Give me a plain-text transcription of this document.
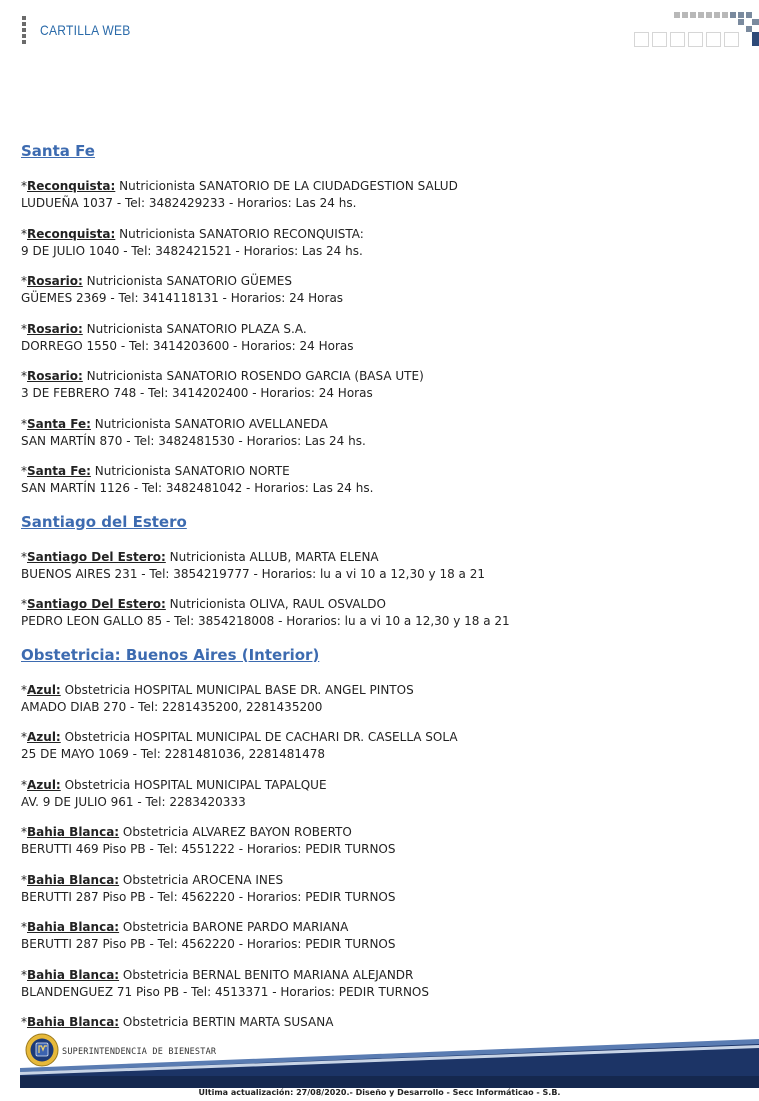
CARTILLA WEB
Santa Fe
*Reconquista: Nutricionista SANATORIO DE LA CIUDADGESTION SALUD
LUDUEÑA 1037 - Tel: 3482429233 - Horarios: Las 24 hs.
*Reconquista: Nutricionista SANATORIO RECONQUISTA:
9 DE JULIO 1040 - Tel: 3482421521 - Horarios: Las 24 hs.
*Rosario: Nutricionista SANATORIO GÜEMES
GÜEMES 2369 - Tel: 3414118131 - Horarios: 24 Horas
*Rosario: Nutricionista SANATORIO PLAZA S.A.
DORREGO 1550 - Tel: 3414203600 - Horarios: 24 Horas
*Rosario: Nutricionista SANATORIO ROSENDO GARCIA (BASA UTE)
3 DE FEBRERO 748 - Tel: 3414202400 - Horarios: 24 Horas
*Santa Fe: Nutricionista SANATORIO AVELLANEDA
SAN MARTÍN 870 - Tel: 3482481530 - Horarios: Las 24 hs.
*Santa Fe: Nutricionista SANATORIO NORTE
SAN MARTÍN 1126 - Tel: 3482481042 - Horarios: Las 24 hs.
Santiago del Estero
*Santiago Del Estero: Nutricionista ALLUB, MARTA ELENA
BUENOS AIRES 231 - Tel: 3854219777 - Horarios: lu a vi 10 a 12,30 y 18 a 21
*Santiago Del Estero: Nutricionista OLIVA, RAUL OSVALDO
PEDRO LEON GALLO 85 - Tel: 3854218008 - Horarios: lu a vi 10 a 12,30 y 18 a 21
Obstetricia: Buenos Aires (Interior)
*Azul: Obstetricia HOSPITAL MUNICIPAL BASE DR. ANGEL PINTOS
AMADO DIAB 270 - Tel: 2281435200, 2281435200
*Azul: Obstetricia HOSPITAL MUNICIPAL DE CACHARI DR. CASELLA SOLA
25 DE MAYO 1069 - Tel: 2281481036, 2281481478
*Azul: Obstetricia HOSPITAL MUNICIPAL TAPALQUE
AV. 9 DE JULIO 961 - Tel: 2283420333
*Bahia Blanca: Obstetricia ALVAREZ BAYON ROBERTO
BERUTTI 469 Piso PB - Tel: 4551222 - Horarios: PEDIR TURNOS
*Bahia Blanca: Obstetricia AROCENA INES
BERUTTI 287 Piso PB - Tel: 4562220 - Horarios: PEDIR TURNOS
*Bahia Blanca: Obstetricia BARONE PARDO MARIANA
BERUTTI 287 Piso PB - Tel: 4562220 - Horarios: PEDIR TURNOS
*Bahia Blanca: Obstetricia BERNAL BENITO MARIANA ALEJANDR
BLANDENGUEZ 71 Piso PB - Tel: 4513371 - Horarios: PEDIR TURNOS
*Bahia Blanca: Obstetricia BERTIN MARTA SUSANA
SUPERINTENDENCIA DE BIENESTAR
Ultima actualización: 27/08/2020.- Diseño y Desarrollo - Secc Informáticao - S.B.
